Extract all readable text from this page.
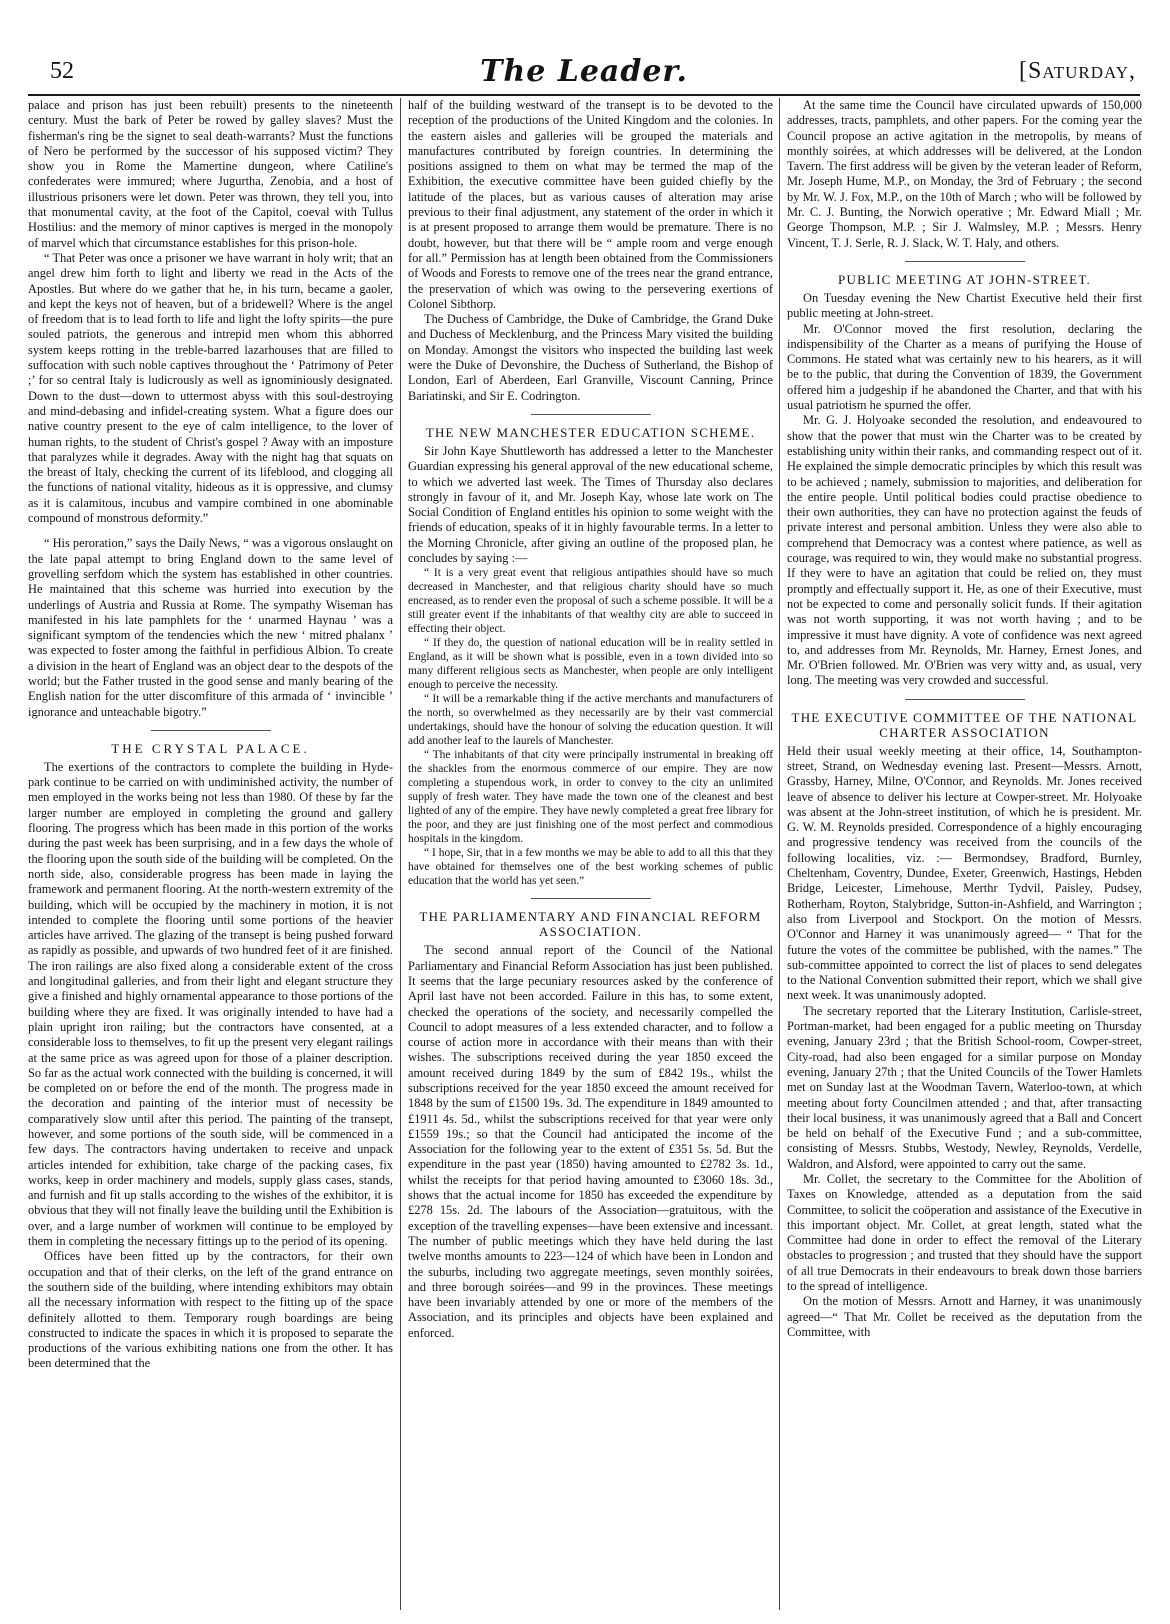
52	The Leader.	[Saturday,

palace and prison has just been rebuilt) presents to the nineteenth century. Must the bark of Peter be rowed by galley slaves? Must the fisherman's ring be the signet to seal death-warrants? Must the functions of Nero be performed by the successor of his supposed victim? They show you in Rome the Mamertine dungeon, where Catiline's confederates were immured; where Jugurtha, Zenobia, and a host of illustrious prisoners were let down. Peter was thrown, they tell you, into that monumental cavity, at the foot of the Capitol, coeval with Tullus Hostilius: and the memory of minor captives is merged in the monopoly of marvel which that circumstance establishes for this prison-hole.

“ That Peter was once a prisoner we have warrant in holy writ; that an angel drew him forth to light and liberty we read in the Acts of the Apostles. But where do we gather that he, in his turn, became a gaoler, and kept the keys not of heaven, but of a bridewell? Where is the angel of freedom that is to lead forth to life and light the lofty spirits—the pure souled patriots, the generous and intrepid men whom this abhorred system keeps rotting in the treble-barred lazarhouses that are filled to suffocation with such noble captives throughout the ‘ Patrimony of Peter ;’ for so central Italy is ludicrously as well as ignominiously designated. Down to the dust—down to uttermost abyss with this soul-destroying and mind-debasing and infidel-creating system. What a figure does our native country present to the eye of calm intelligence, to the lover of human rights, to the student of Christ's gospel ? Away with an imposture that paralyzes while it degrades. Away with the night hag that squats on the breast of Italy, checking the current of its lifeblood, and clogging all the functions of national vitality, hideous as it is oppressive, and clumsy as it is calamitous, incubus and vampire combined in one abominable compound of monstrous deformity.”

“ His peroration,” says the Daily News, “ was a vigorous onslaught on the late papal attempt to bring England down to the same level of grovelling serfdom which the system has established in other countries. He maintained that this scheme was hurried into execution by the underlings of Austria and Russia at Rome. The sympathy Wiseman has manifested in his late pamphlets for the ‘ unarmed Haynau ’ was a significant symptom of the tendencies which the new ‘ mitred phalanx ’ was expected to foster among the faithful in perfidious Albion. To create a division in the heart of England was an object dear to the despots of the world; but the Father trusted in the good sense and manly bearing of the English nation for the utter discomfiture of this armada of ‘ invincible ’ ignorance and unteachable bigotry.”

THE CRYSTAL PALACE.

The exertions of the contractors to complete the building in Hyde-park continue to be carried on with undiminished activity, the number of men employed in the works being not less than 1980. Of these by far the larger number are employed in completing the ground and gallery flooring. The progress which has been made in this portion of the works during the past week has been surprising, and in a few days the whole of the flooring upon the south side of the building will be completed. On the north side, also, considerable progress has been made in laying the framework and permanent flooring. At the north-western extremity of the building, which will be occupied by the machinery in motion, it is not intended to complete the flooring until some portions of the heavier articles have arrived. The glazing of the transept is being pushed forward as rapidly as possible, and upwards of two hundred feet of it are finished. The iron railings are also fixed along a considerable extent of the cross and longitudinal galleries, and from their light and elegant structure they give a finished and highly ornamental appearance to those portions of the building where they are fixed. It was originally intended to have had a plain upright iron railing; but the contractors have consented, at a considerable loss to themselves, to fit up the present very elegant railings at the same price as was agreed upon for those of a plainer description. So far as the actual work connected with the building is concerned, it will be completed on or before the end of the month. The progress made in the decoration and painting of the interior must of necessity be comparatively slow until after this period. The painting of the transept, however, and some portions of the south side, will be commenced in a few days. The contractors having undertaken to receive and unpack articles intended for exhibition, take charge of the packing cases, fix works, keep in order machinery and models, supply glass cases, stands, and furnish and fit up stalls according to the wishes of the exhibitor, it is obvious that they will not finally leave the building until the Exhibition is over, and a large number of workmen will continue to be employed by them in completing the necessary fittings up to the period of its opening.

Offices have been fitted up by the contractors, for their own occupation and that of their clerks, on the left of the grand entrance on the southern side of the building, where intending exhibitors may obtain all the necessary information with respect to the fitting up of the space definitely allotted to them. Temporary rough boardings are being constructed to indicate the spaces in which it is proposed to separate the productions of the various exhibiting nations one from the other. It has been determined that the

half of the building westward of the transept is to be devoted to the reception of the productions of the United Kingdom and the colonies. In the eastern aisles and galleries will be grouped the materials and manufactures contributed by foreign countries. In determining the positions assigned to them on what may be termed the map of the Exhibition, the executive committee have been guided chiefly by the latitude of the places, but as various causes of alteration may arise previous to their final adjustment, any statement of the order in which it is at present proposed to arrange them would be premature. There is no doubt, however, but that there will be “ ample room and verge enough for all.” Permission has at length been obtained from the Commissioners of Woods and Forests to remove one of the trees near the grand entrance, the preservation of which was owing to the persevering exertions of Colonel Sibthorp.

The Duchess of Cambridge, the Duke of Cambridge, the Grand Duke and Duchess of Mecklenburg, and the Princess Mary visited the building on Monday. Amongst the visitors who inspected the building last week were the Duke of Devonshire, the Duchess of Sutherland, the Bishop of London, Earl of Aberdeen, Earl Granville, Viscount Canning, Prince Bariatinski, and Sir E. Codrington.

THE NEW MANCHESTER EDUCATION SCHEME.

Sir John Kaye Shuttleworth has addressed a letter to the Manchester Guardian expressing his general approval of the new educational scheme, to which we adverted last week. The Times of Thursday also declares strongly in favour of it, and Mr. Joseph Kay, whose late work on The Social Condition of England entitles his opinion to some weight with the friends of education, speaks of it in highly favourable terms. In a letter to the Morning Chronicle, after giving an outline of the proposed plan, he concludes by saying :—

“ It is a very great event that religious antipathies should have so much decreased in Manchester, and that religious charity should have so much encreased, as to render even the proposal of such a scheme possible. It will be a still greater event if the inhabitants of that wealthy city are able to succeed in effecting their object.

“ If they do, the question of national education will be in reality settled in England, as it will be shown what is possible, even in a town divided into so many different religious sects as Manchester, when people are only intelligent enough to perceive the necessity.

“ It will be a remarkable thing if the active merchants and manufacturers of the north, so overwhelmed as they necessarily are by their vast commercial undertakings, should have the honour of solving the education question. It will add another leaf to the laurels of Manchester.

“ The inhabitants of that city were principally instrumental in breaking off the shackles from the enormous commerce of our empire. They are now completing a stupendous work, in order to convey to the city an unlimited supply of fresh water. They have made the town one of the cleanest and best lighted of any of the empire. They have newly completed a great free library for the poor, and they are just finishing one of the most perfect and commodious hospitals in the kingdom.

“ I hope, Sir, that in a few months we may be able to add to all this that they have obtained for themselves one of the best working schemes of public education that the world has yet seen.”

THE PARLIAMENTARY AND FINANCIAL REFORM ASSOCIATION.

The second annual report of the Council of the National Parliamentary and Financial Reform Association has just been published. It seems that the large pecuniary resources asked by the conference of April last have not been accorded. Failure in this has, to some extent, checked the operations of the society, and necessarily compelled the Council to adopt measures of a less extended character, and to follow a course of action more in accordance with their means than with their wishes. The subscriptions received during the year 1850 exceed the amount received during 1849 by the sum of £842 19s., whilst the subscriptions received for the year 1850 exceed the amount received for 1848 by the sum of £1500 19s. 3d. The expenditure in 1849 amounted to £1911 4s. 5d., whilst the subscriptions received for that year were only £1559 19s.; so that the Council had anticipated the income of the Association for the following year to the extent of £351 5s. 5d. But the expenditure in the past year (1850) having amounted to £2782 3s. 1d., whilst the receipts for that period having amounted to £3060 18s. 3d., shows that the actual income for 1850 has exceeded the expenditure by £278 15s. 2d. The labours of the Association—gratuitous, with the exception of the travelling expenses—have been extensive and incessant. The number of public meetings which they have held during the last twelve months amounts to 223—124 of which have been in London and the suburbs, including two aggregate meetings, seven monthly soirées, and three borough soirées—and 99 in the provinces. These meetings have been invariably attended by one or more of the members of the Association, and its principles and objects have been explained and enforced.

At the same time the Council have circulated upwards of 150,000 addresses, tracts, pamphlets, and other papers. For the coming year the Council propose an active agitation in the metropolis, by means of monthly soirées, at which addresses will be delivered, at the London Tavern. The first address will be given by the veteran leader of Reform, Mr. Joseph Hume, M.P., on Monday, the 3rd of February ; the second by Mr. W. J. Fox, M.P., on the 10th of March ; who will be followed by Mr. C. J. Bunting, the Norwich operative ; Mr. Edward Miall ; Mr. George Thompson, M.P. ; Sir J. Walmsley, M.P. ; Messrs. Henry Vincent, T. J. Serle, R. J. Slack, W. T. Haly, and others.

PUBLIC MEETING AT JOHN-STREET.

On Tuesday evening the New Chartist Executive held their first public meeting at John-street.

Mr. O'Connor moved the first resolution, declaring the indispensibility of the Charter as a means of purifying the House of Commons. He stated what was certainly new to his hearers, as it will be to the public, that during the Convention of 1839, the Government offered him a judgeship if he abandoned the Charter, and that with his usual patriotism he spurned the offer.

Mr. G. J. Holyoake seconded the resolution, and endeavoured to show that the power that must win the Charter was to be created by establishing unity within their ranks, and commanding respect out of it. He explained the simple democratic principles by which this result was to be achieved ; namely, submission to majorities, and deliberation for the entire people. Until political bodies could practise obedience to their own authorities, they can have no protection against the feuds of private interest and personal ambition. Unless they were also able to comprehend that Democracy was a contest where patience, as well as courage, was required to win, they would make no substantial progress. If they were to have an agitation that could be relied on, they must promptly and effectually support it. He, as one of their Executive, must not be expected to come and personally solicit funds. If their agitation was not worth supporting, it was not worth having ; and to be impressive it must have dignity. A vote of confidence was next agreed to, and addresses from Mr. Reynolds, Mr. Harney, Ernest Jones, and Mr. O'Brien followed. Mr. O'Brien was very witty and, as usual, very long. The meeting was very crowded and successful.

THE EXECUTIVE COMMITTEE OF THE NATIONAL CHARTER ASSOCIATION

Held their usual weekly meeting at their office, 14, Southampton-street, Strand, on Wednesday evening last. Present—Messrs. Arnott, Grassby, Harney, Milne, O'Connor, and Reynolds. Mr. Jones received leave of absence to deliver his lecture at Cowper-street. Mr. Holyoake was absent at the John-street institution, of which he is president. Mr. G. W. M. Reynolds presided. Correspondence of a highly encouraging and progressive tendency was received from the councils of the following localities, viz. :— Bermondsey, Bradford, Burnley, Cheltenham, Coventry, Dundee, Exeter, Greenwich, Hastings, Hebden Bridge, Leicester, Limehouse, Merthr Tydvil, Paisley, Pudsey, Rotherham, Royton, Stalybridge, Sutton-in-Ashfield, and Warrington ; also from Liverpool and Stockport. On the motion of Messrs. O'Connor and Harney it was unanimously agreed— “ That for the future the votes of the committee be published, with the names.” The sub-committee appointed to correct the list of places to send delegates to the National Convention submitted their report, which we shall give next week. It was unanimously adopted.

The secretary reported that the Literary Institution, Carlisle-street, Portman-market, had been engaged for a public meeting on Thursday evening, January 23rd ; that the British School-room, Cowper-street, City-road, had also been engaged for a similar purpose on Monday evening, January 27th ; that the United Councils of the Tower Hamlets met on Sunday last at the Woodman Tavern, Waterloo-town, at which meeting about forty Councilmen attended ; and that, after transacting their local business, it was unanimously agreed that a Ball and Concert be held on behalf of the Executive Fund ; and a sub-committee, consisting of Messrs. Stubbs, Westody, Newley, Reynolds, Verdelle, Waldron, and Alsford, were appointed to carry out the same.

Mr. Collet, the secretary to the Committee for the Abolition of Taxes on Knowledge, attended as a deputation from the said Committee, to solicit the coöperation and assistance of the Executive in this important object. Mr. Collet, at great length, stated what the Committee had done in order to effect the removal of the Literary obstacles to progression ; and trusted that they should have the support of all true Democrats in their endeavours to break down those barriers to the spread of intelligence.

On the motion of Messrs. Arnott and Harney, it was unanimously agreed—“ That Mr. Collet be received as the deputation from the Committee, with
